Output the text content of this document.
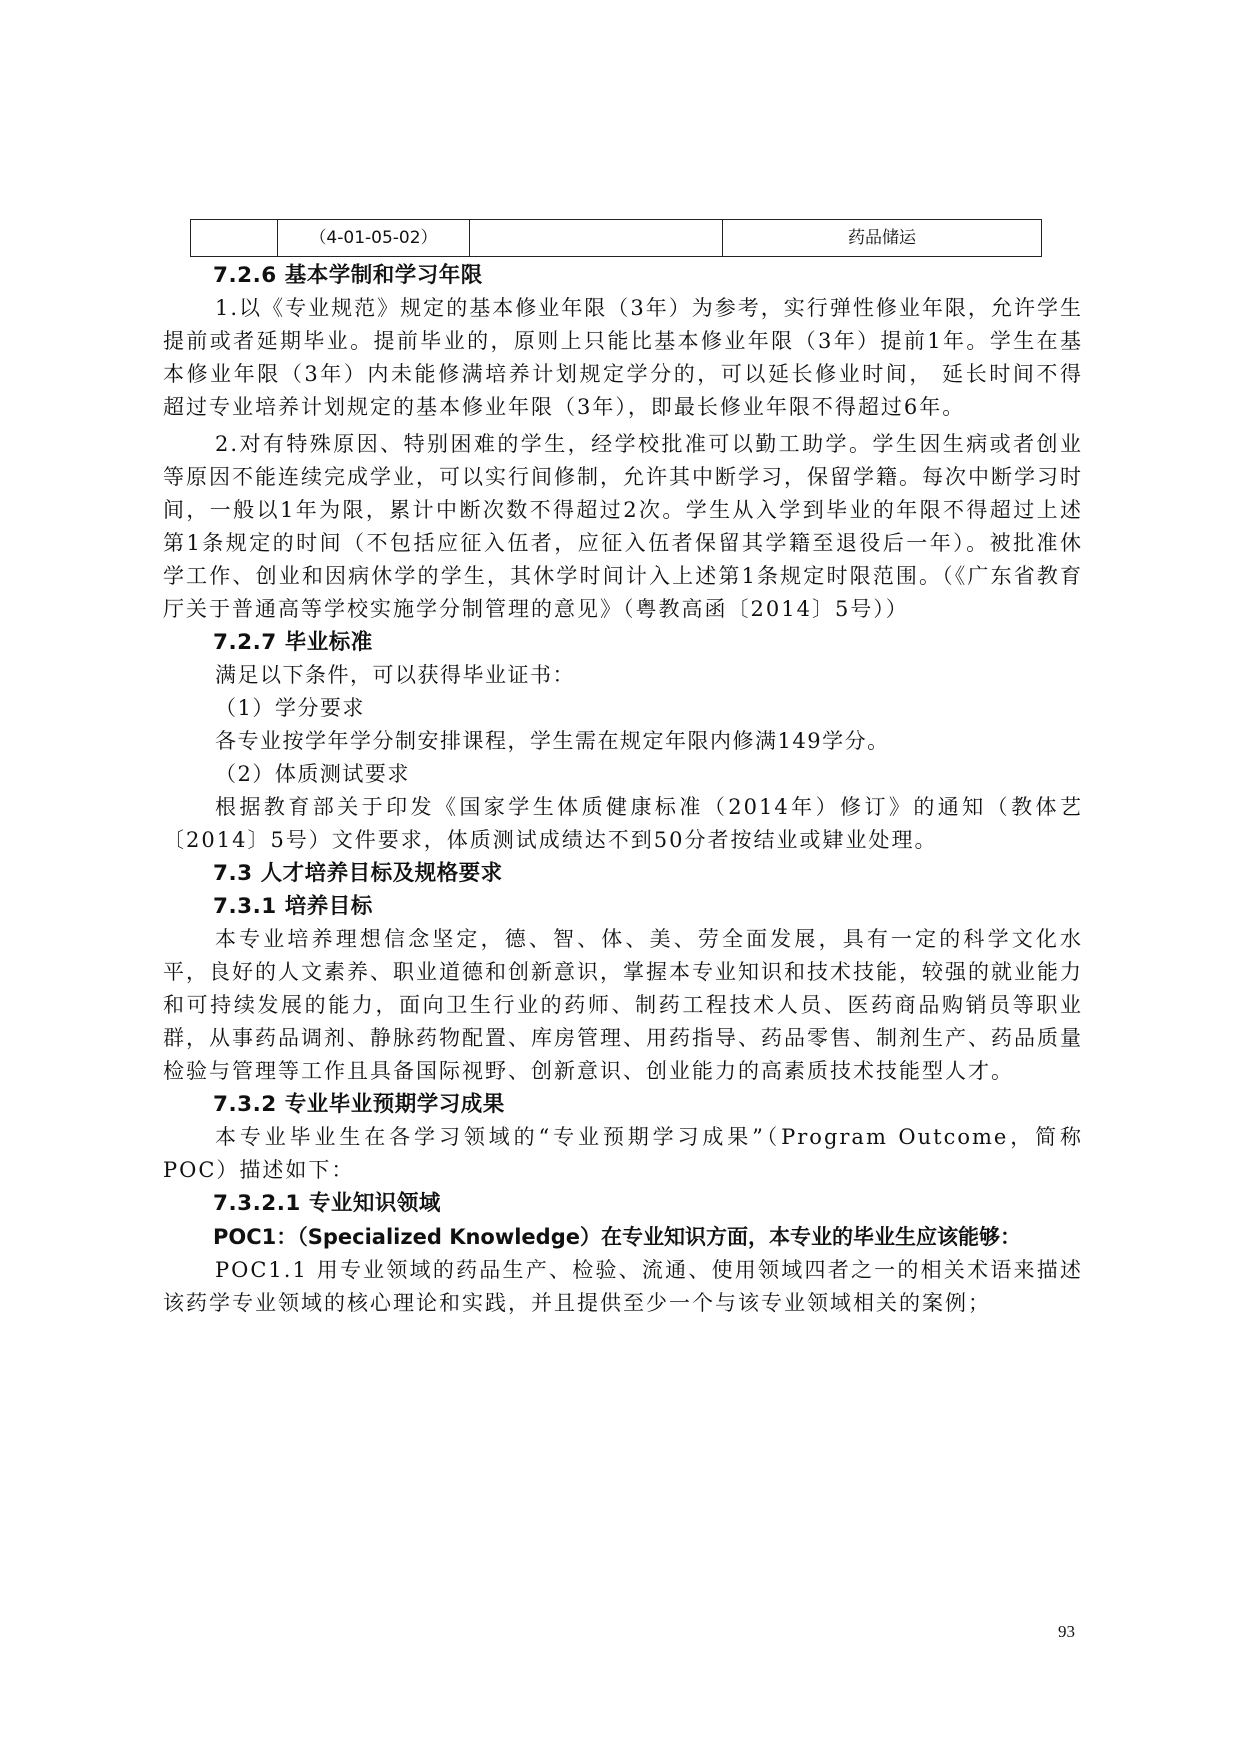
	（4-01-05-02）		药品储运
7.2.6 基本学制和学习年限

1.以《专业规范》规定的基本修业年限（3年）为参考，实行弹性修业年限，允许学生提前或者延期毕业。提前毕业的，原则上只能比基本修业年限（3年）提前1年。学生在基本修业年限（3年）内未能修满培养计划规定学分的，可以延长修业时间， 延长时间不得超过专业培养计划规定的基本修业年限（3年），即最长修业年限不得超过6年。

2.对有特殊原因、特别困难的学生，经学校批准可以勤工助学。学生因生病或者创业等原因不能连续完成学业，可以实行间修制，允许其中断学习，保留学籍。每次中断学习时间，一般以1年为限，累计中断次数不得超过2次。学生从入学到毕业的年限不得超过上述第1条规定的时间（不包括应征入伍者，应征入伍者保留其学籍至退役后一年）。被批准休学工作、创业和因病休学的学生，其休学时间计入上述第1条规定时限范围。（《广东省教育厅关于普通高等学校实施学分制管理的意见》（粤教高函〔2014〕5号））

7.2.7 毕业标准
满足以下条件，可以获得毕业证书：
（1）学分要求
各专业按学年学分制安排课程，学生需在规定年限内修满149学分。
（2）体质测试要求

根据教育部关于印发《国家学生体质健康标准（2014年）修订》的通知（教体艺〔2014〕5号）文件要求，体质测试成绩达不到50分者按结业或肄业处理。

7.3 人才培养目标及规格要求
7.3.1 培养目标

本专业培养理想信念坚定，德、智、体、美、劳全面发展，具有一定的科学文化水平，良好的人文素养、职业道德和创新意识，掌握本专业知识和技术技能，较强的就业能力和可持续发展的能力，面向卫生行业的药师、制药工程技术人员、医药商品购销员等职业群，从事药品调剂、静脉药物配置、库房管理、用药指导、药品零售、制剂生产、药品质量检验与管理等工作且具备国际视野、创新意识、创业能力的高素质技术技能型人才。

7.3.2 专业毕业预期学习成果

本专业毕业生在各学习领域的“专业预期学习成果”（Program Outcome，简称POC）描述如下：

7.3.2.1 专业知识领域
POC1：（Specialized Knowledge）在专业知识方面，本专业的毕业生应该能够：

POC1.1 用专业领域的药品生产、检验、流通、使用领域四者之一的相关术语来描述该药学专业领域的核心理论和实践，并且提供至少一个与该专业领域相关的案例；

93
